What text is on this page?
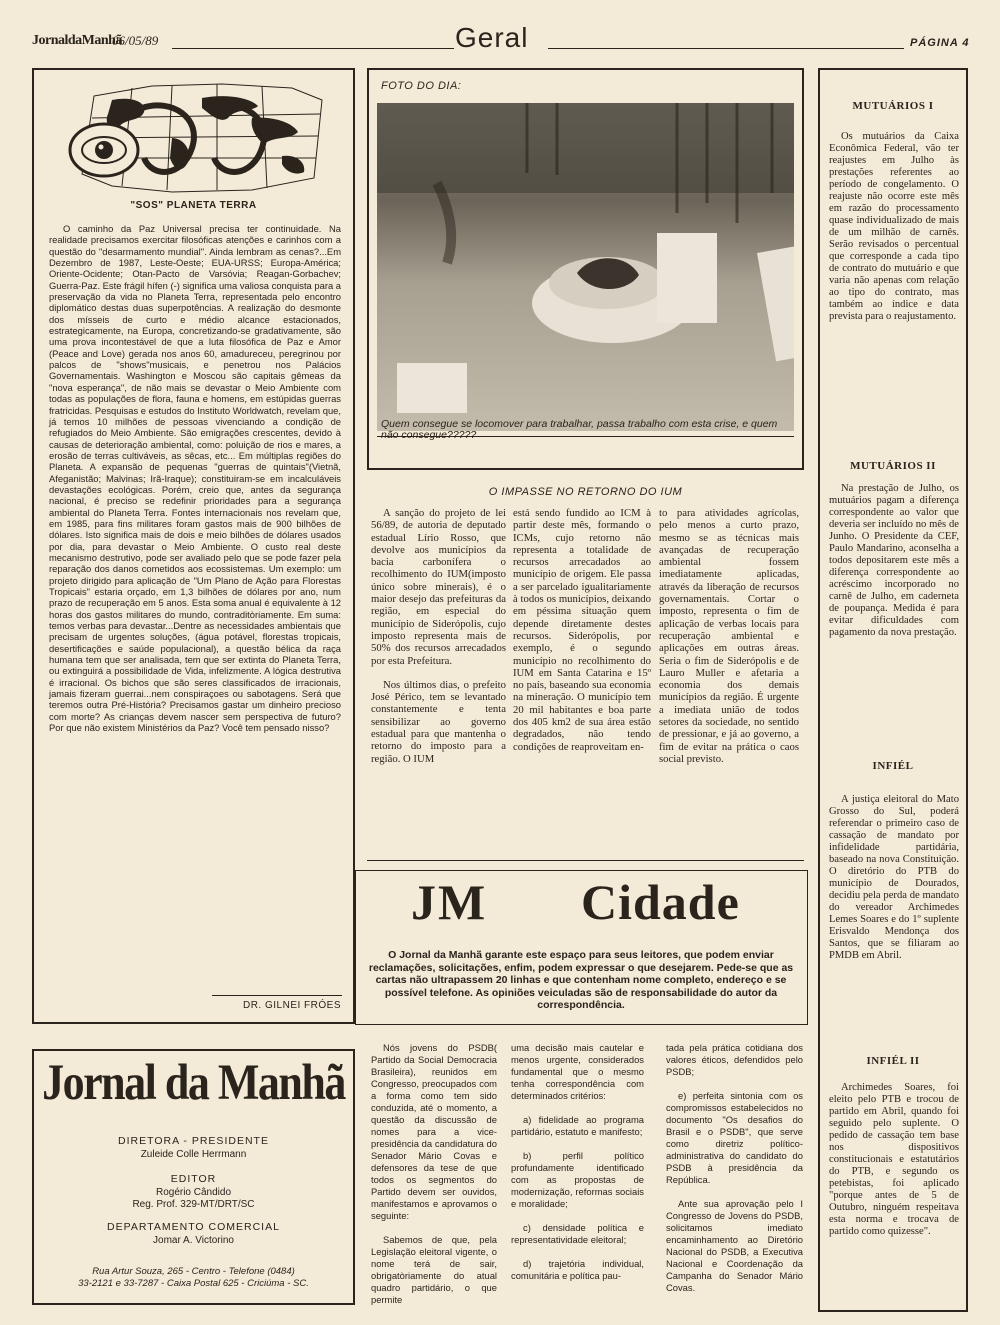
JornaldaManhã
06/05/89	Geral	PÁGINA 4
"SOS" PLANETA TERRA

O caminho da Paz Universal precisa ter continuidade. Na realidade precisamos exercitar filosóficas atenções e carinhos com a questão do "desarmamento mundial". Ainda lembram as cenas?...Em Dezembro de 1987, Leste-Oeste; EUA-URSS; Europa-América; Oriente-Ocidente; Otan-Pacto de Varsóvia; Reagan-Gorbachev; Guerra-Paz. Este frágil hífen (-) significa uma valiosa conquista para a preservação da vida no Planeta Terra, representada pelo encontro diplomático destas duas superpotências. A realização do desmonte dos mísseis de curto e médio alcance estacionados, estrategicamente, na Europa, concretizando-se gradativamente, são uma prova incontestável de que a luta filosófica de Paz e Amor (Peace and Love) gerada nos anos 60, amadureceu, peregrinou por palcos de "shows"musicais, e penetrou nos Palácios Governamentais. Washington e Moscou são capitais gêmeas da "nova esperança", de não mais se devastar o Meio Ambiente com todas as populações de flora, fauna e homens, em estúpidas guerras fratricidas. Pesquisas e estudos do Instituto Worldwatch, revelam que, já temos 10 milhões de pessoas vivenciando a condição de refugiados do Meio Ambiente. São emigrações crescentes, devido à causas de deterioração ambiental, como: poluição de rios e mares, a erosão de terras cultiváveis, as sêcas, etc... Em múltiplas regiões do Planeta. A expansão de pequenas "guerras de quintais"(Vietnã, Afeganistão; Malvinas; Irã-Iraque); constituiram-se em incalculáveis devastações ecológicas. Porém, creio que, antes da segurança nacional, é preciso se redefinir prioridades para a segurança ambiental do Planeta Terra. Fontes internacionais nos revelam que, em 1985, para fins militares foram gastos mais de 900 bilhões de dólares. Isto significa mais de dois e meio bilhões de dólares usados por dia, para devastar o Meio Ambiente. O custo real deste mecanismo destrutivo, pode ser avaliado pelo que se pode fazer pela reparação dos danos cometidos aos ecossistemas. Um exemplo: um projeto dirigido para aplicação de "Um Plano de Ação para Florestas Tropicais" estaria orçado, em 1,3 bilhões de dólares por ano, num prazo de recuperação em 5 anos. Esta soma anual é equivalente à 12 horas dos gastos militares do mundo, contraditòriamente. Em suma: temos verbas para devastar...Dentre as necessidades ambientais que precisam de urgentes soluções, (água potável, florestas tropicais, desertificações e saúde populacional), a questão bélica da raça humana tem que ser analisada, tem que ser extinta do Planeta Terra, ou extinguirá a possibilidade de Vida, infelizmente. A lógica destrutiva é irracional. Os bichos que são seres classificados de irracionais, jamais fizeram guerrai...nem conspiraçoes ou sabotagens. Será que teremos outra Pré-História? Precisamos gastar um dinheiro precioso com morte? As crianças devem nascer sem perspectiva de futuro? Por que não existem Ministérios da Paz? Você tem pensado nisso?

DR. GILNEI FRÓES
FOTO DO DIA:

Quem consegue se locomover para trabalhar, passa trabalho com esta crise, e quem não consegue?????

O IMPASSE NO RETORNO DO IUM

A sanção do projeto de lei 56/89, de autoria de deputado estadual Lírio Rosso, que devolve aos municípios da bacia carbonífera o recolhimento do IUM(imposto único sobre minerais), é o maior desejo das prefeituras da região, em especial do município de Siderópolis, cujo imposto representa mais de 50% dos recursos arrecadados por esta Prefeitura.

Nos últimos dias, o prefeito José Périco, tem se levantado constantemente e tenta sensibilizar ao governo estadual para que mantenha o retorno do imposto para a região. O IUM

está sendo fundido ao ICM à partir deste mês, formando o ICMs, cujo retorno não representa a totalidade de recursos arrecadados ao município de origem. Ele passa a ser parcelado igualitariamente à todos os municípios, deixando em péssima situação quem depende diretamente destes recursos. Siderópolis, por exemplo, é o segundo município no recolhimento do IUM em Santa Catarina e 15º no país, baseando sua economia na mineração. O município tem 20 mil habitantes e boa parte dos 405 km2 de sua área estão degradados, não tendo condições de reaproveitam en-

to para atividades agrícolas, pelo menos a curto prazo, mesmo se as técnicas mais avançadas de recuperação ambiental fossem imediatamente aplicadas, através da liberação de recursos governamentais. Cortar o imposto, representa o fim de aplicação de verbas locais para recuperação ambiental e aplicações em outras áreas. Seria o fim de Siderópolis e de Lauro Muller e afetaria a economia dos demais municípios da região. É urgente a imediata união de todos setores da sociedade, no sentido de pressionar, e já ao governo, a fim de evitar na prática o caos social previsto.

JM Cidade

O Jornal da Manhã garante este espaço para seus leitores, que podem enviar reclamações, solicitações, enfim, podem expressar o que desejarem. Pede-se que as cartas não ultrapassem 20 linhas e que contenham nome completo, endereço e se possível telefone. As opiniões veiculadas são de responsabilidade do autor da correspondência.

Jornal da Manhã
DIRETORA - PRESIDENTE
Zuleide Colle Herrmann
EDITOR
Rogério Cândido
Reg. Prof. 329-MT/DRT/SC
DEPARTAMENTO COMERCIAL
Jomar A. Victorino
Rua Artur Souza, 265 - Centro - Telefone (0484)
33-2121 e 33-7287 - Caixa Postal 625 - Criciúma - SC.

Nós jovens do PSDB( Partido da Social Democracia Brasileira), reunidos em Congresso, preocupados com a forma como tem sido conduzida, até o momento, a questão da discussão de nomes para a vice-presidência da candidatura do Senador Mário Covas e defensores da tese de que todos os segmentos do Partido devem ser ouvidos, manifestamos e aprovamos o seguinte:

Sabemos de que, pela Legislação eleitoral vigente, o nome terá de sair, obrigatòriamente do atual quadro partidário, o que permite

uma decisão mais cautelar e menos urgente, considerados fundamental que o mesmo tenha correspondência com determinados critérios:

a) fidelidade ao programa partidário, estatuto e manifesto;

b) perfil político profundamente identificado com as propostas de modernização, reformas sociais e moralidade;

c) densidade política e representatividade eleitoral;

d) trajetória individual, comunitária e política pau-

tada pela prática cotidiana dos valores éticos, defendidos pelo PSDB;

e) perfeita sintonia com os compromissos estabelecidos no documento "Os desafios do Brasil e o PSDB", que serve como diretriz político-administrativa do candidato do PSDB à presidência da República.

Ante sua aprovação pelo I Congresso de Jovens do PSDB, solicitamos imediato encaminhamento ao Diretório Nacional do PSDB, a Executiva Nacional e Coordenação da Campanha do Senador Mário Covas.

MUTUÁRIOS I

Os mutuários da Caixa Econômica Federal, vão ter reajustes em Julho às prestações referentes ao período de congelamento. O reajuste não ocorre este mês em razão do processamento quase individualizado de mais de um milhão de carnês. Serão revisados o percentual que corresponde a cada tipo de contrato do mutuário e que varia não apenas com relação ao tipo do contrato, mas também ao índice e data prevista para o reajustamento.

MUTUÁRIOS II

Na prestação de Julho, os mutuários pagam a diferença correspondente ao valor que deveria ser incluído no mês de Junho. O Presidente da CEF, Paulo Mandarino, aconselha a todos depositarem este mês a diferença correspondente ao acréscimo incorporado no carnê de Julho, em caderneta de poupança. Medida é para evitar dificuldades com pagamento da nova prestação.

INFIÉL

A justiça eleitoral do Mato Grosso do Sul, poderá referendar o primeiro caso de cassação de mandato por infidelidade partidária, baseado na nova Constituição. O diretório do PTB do município de Dourados, decidiu pela perda de mandato do vereador Archimedes Lemes Soares e do 1º suplente Erisvaldo Mendonça dos Santos, que se filiaram ao PMDB em Abril.

INFIÉL II

Archimedes Soares, foi eleito pelo PTB e trocou de partido em Abril, quando foi seguido pelo suplente. O pedido de cassação tem base nos dispositivos constitucionais e estatutários do PTB, e segundo os petebistas, foi aplicado "porque antes de 5 de Outubro, ninguém respeitava esta norma e trocava de partido como quizesse".
